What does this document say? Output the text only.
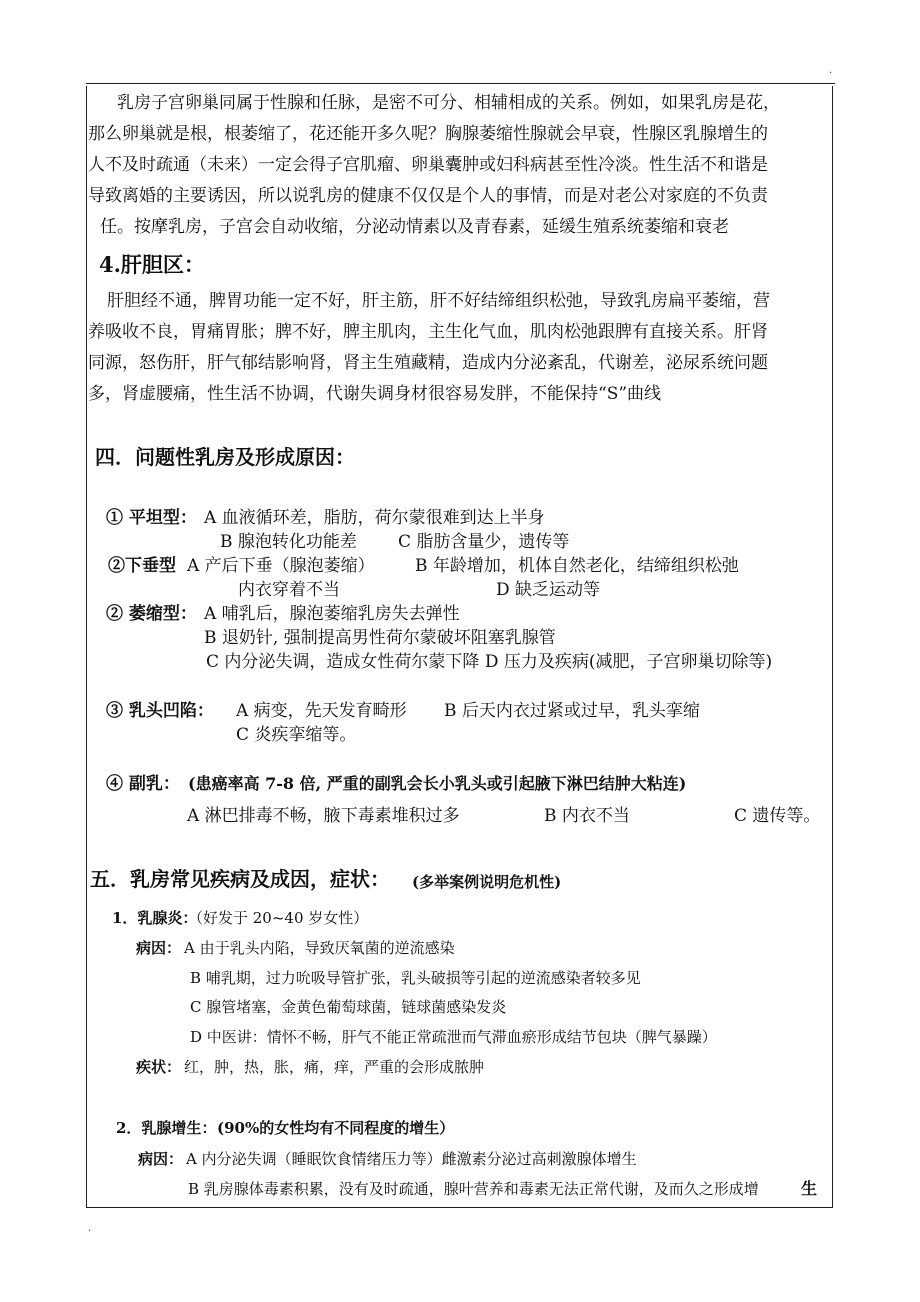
.
乳房子宫卵巢同属于性腺和任脉，是密不可分、相辅相成的关系。例如，如果乳房是花，
那么卵巢就是根，根萎缩了，花还能开多久呢？胸腺萎缩性腺就会早衰，性腺区乳腺增生的
人不及时疏通（未来）一定会得子宫肌瘤、卵巢囊肿或妇科病甚至性冷淡。性生活不和谐是
导致离婚的主要诱因，所以说乳房的健康不仅仅是个人的事情，而是对老公对家庭的不负责
任。按摩乳房，子宫会自动收缩，分泌动情素以及青春素，延缓生殖系统萎缩和衰老
4.肝胆区：
肝胆经不通，脾胃功能一定不好，肝主筋，肝不好结缔组织松弛，导致乳房扁平萎缩，营
养吸收不良，胃痛胃胀；脾不好，脾主肌肉，主生化气血，肌肉松弛跟脾有直接关系。肝肾
同源，怒伤肝，肝气郁结影响肾，肾主生殖藏精，造成内分泌紊乱，代谢差，泌尿系统问题
多，肾虚腰痛，性生活不协调，代谢失调身材很容易发胖，不能保持“S”曲线
四．问题性乳房及形成原因：
① 平坦型： A 血液循环差，脂肪，荷尔蒙很难到达上半身
B 腺泡转化功能差 C 脂肪含量少，遗传等
②下垂型 A 产后下垂（腺泡萎缩） B 年龄增加，机体自然老化，结缔组织松弛
内衣穿着不当	D 缺乏运动等
② 萎缩型： A 哺乳后，腺泡萎缩乳房失去弹性
B 退奶针, 强制提高男性荷尔蒙破坏阻塞乳腺管
C 内分泌失调，造成女性荷尔蒙下降 D 压力及疾病(减肥，子宫卵巢切除等)
③ 乳头凹陷： A 病变，先天发育畸形 B 后天内衣过紧或过早，乳头挛缩
C 炎疾挛缩等。
④ 副乳： (患癌率高 7-8 倍, 严重的副乳会长小乳头或引起腋下淋巴结肿大粘连)
A 淋巴排毒不畅，腋下毒素堆积过多	B 内衣不当	C 遗传等。
五．乳房常见疾病及成因，症状： (多举案例说明危机性)
1．乳腺炎：
（好发于 20~40 岁女性）
病因： A 由于乳头内陷，导致厌氧菌的逆流感染
B 哺乳期，过力吮吸导管扩张，乳头破损等引起的逆流感染者较多见
C 腺管堵塞，金黄色葡萄球菌，链球菌感染发炎
D 中医讲：情怀不畅，肝气不能正常疏泄而气滞血瘀形成结节包块（脾气暴躁）
疾状： 红，肿，热，胀，痛，痒，严重的会形成脓肿
2．乳腺增生： (90%的女性均有不同程度的增生）
病因： A 内分泌失调（睡眠饮食情绪压力等）雌激素分泌过高刺激腺体增生
B 乳房腺体毒素积累，没有及时疏通，腺叶营养和毒素无法正常代谢，及而久之形成增	生
.
